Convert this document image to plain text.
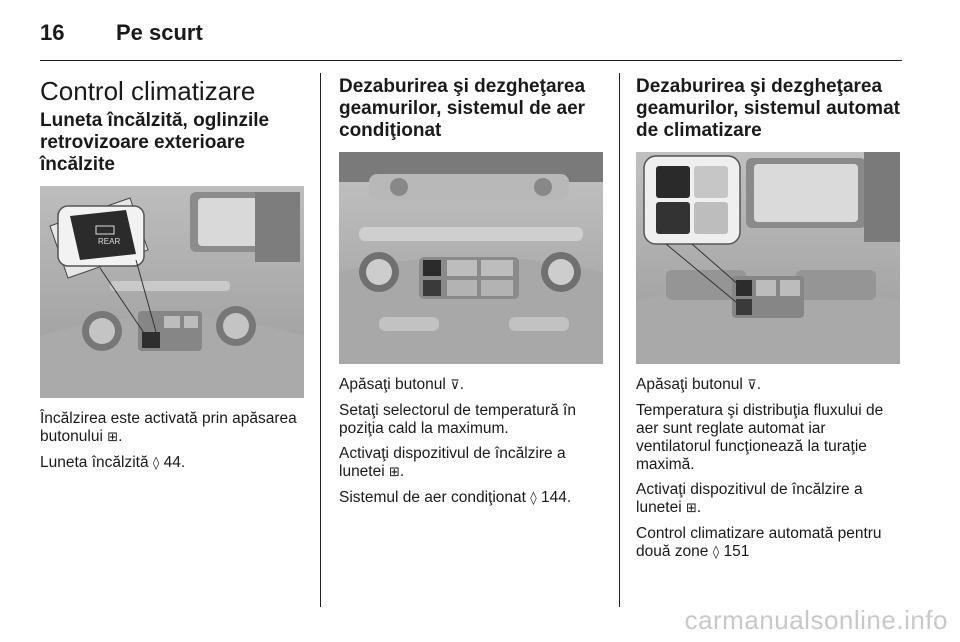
16 Pe scurt
Control climatizare
Luneta încălzită, oglinzile retrovizoare exterioare încălzite
REAR

Încălzirea este activată prin apăsarea butonului ⊞.

Luneta încălzită ◊ 44.

Dezaburirea şi dezgheţarea geamurilor, sistemul de aer condiţionat

Apăsaţi butonul ⊽.

Setaţi selectorul de temperatură în poziţia cald la maximum.

Activaţi dispozitivul de încălzire a lunetei ⊞.

Sistemul de aer condiţionat ◊ 144.

Dezaburirea şi dezgheţarea geamurilor, sistemul automat de climatizare

Apăsaţi butonul ⊽.

Temperatura şi distribuţia fluxului de aer sunt reglate automat iar ventilatorul funcţionează la turaţie maximă.

Activaţi dispozitivul de încălzire a lunetei ⊞.

Control climatizare automată pentru două zone ◊ 151

carmanualsonline.info
